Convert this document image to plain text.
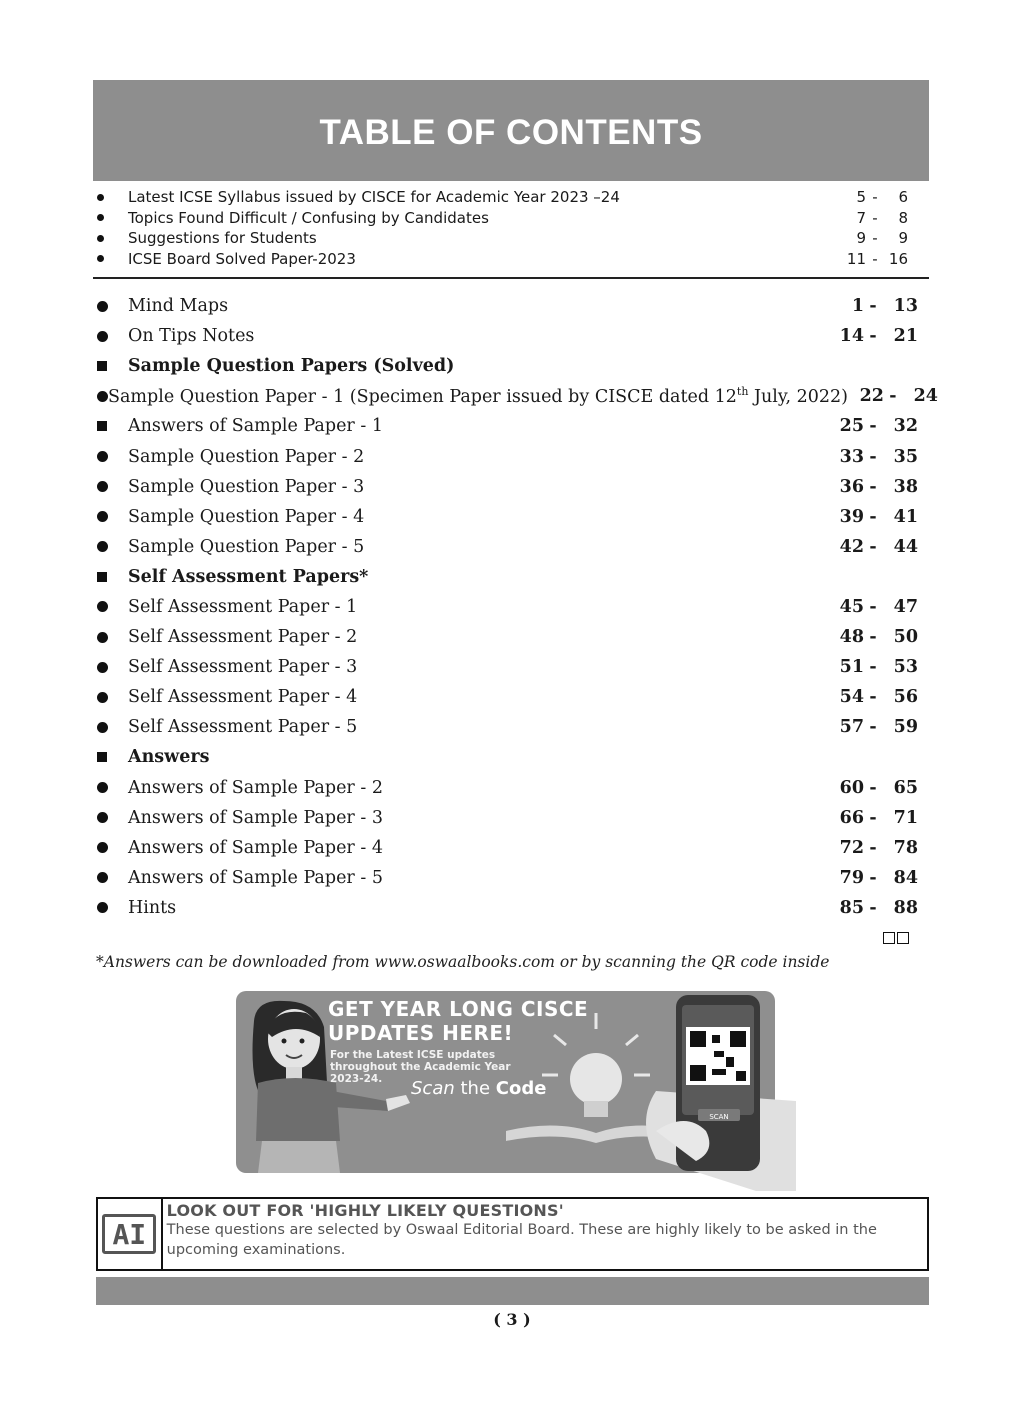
TABLE OF CONTENTS
Latest ICSE Syllabus issued by CISCE for Academic Year 2023 –24	5 -	6
Topics Found Difficult / Confusing by Candidates	7 -	8
Suggestions for Students	9 -	9
ICSE Board Solved Paper-2023	11 - 16
Mind Maps	1 - 13
On Tips Notes	14 - 21
Sample Question Papers (Solved)
Sample Question Paper - 1 (Specimen Paper issued by CISCE dated 12th July, 2022) 22 - 24
Answers of Sample Paper - 1	25 - 32
Sample Question Paper - 2	33 - 35
Sample Question Paper - 3	36 - 38
Sample Question Paper - 4	39 - 41
Sample Question Paper - 5	42 - 44
Self Assessment Papers*
Self Assessment Paper - 1	45 - 47
Self Assessment Paper - 2	48 - 50
Self Assessment Paper - 3	51 - 53
Self Assessment Paper - 4	54 - 56
Self Assessment Paper - 5	57 - 59
Answers
Answers of Sample Paper - 2	60 - 65
Answers of Sample Paper - 3	66 - 71
Answers of Sample Paper - 4	72 - 78
Answers of Sample Paper - 5	79 - 84
Hints	85 - 88
*Answers can be downloaded from www.oswaalbooks.com or by scanning the QR code inside
SCAN
GET YEAR LONG CISCE
UPDATES HERE!
For the Latest ICSE updates
throughout the Academic Year
2023-24.	Scan the Code
AI
LOOK OUT FOR 'HIGHLY LIKELY QUESTIONS'
These questions are selected by Oswaal Editorial Board. These are highly likely to be asked in the upcoming examinations.
( 3 )
